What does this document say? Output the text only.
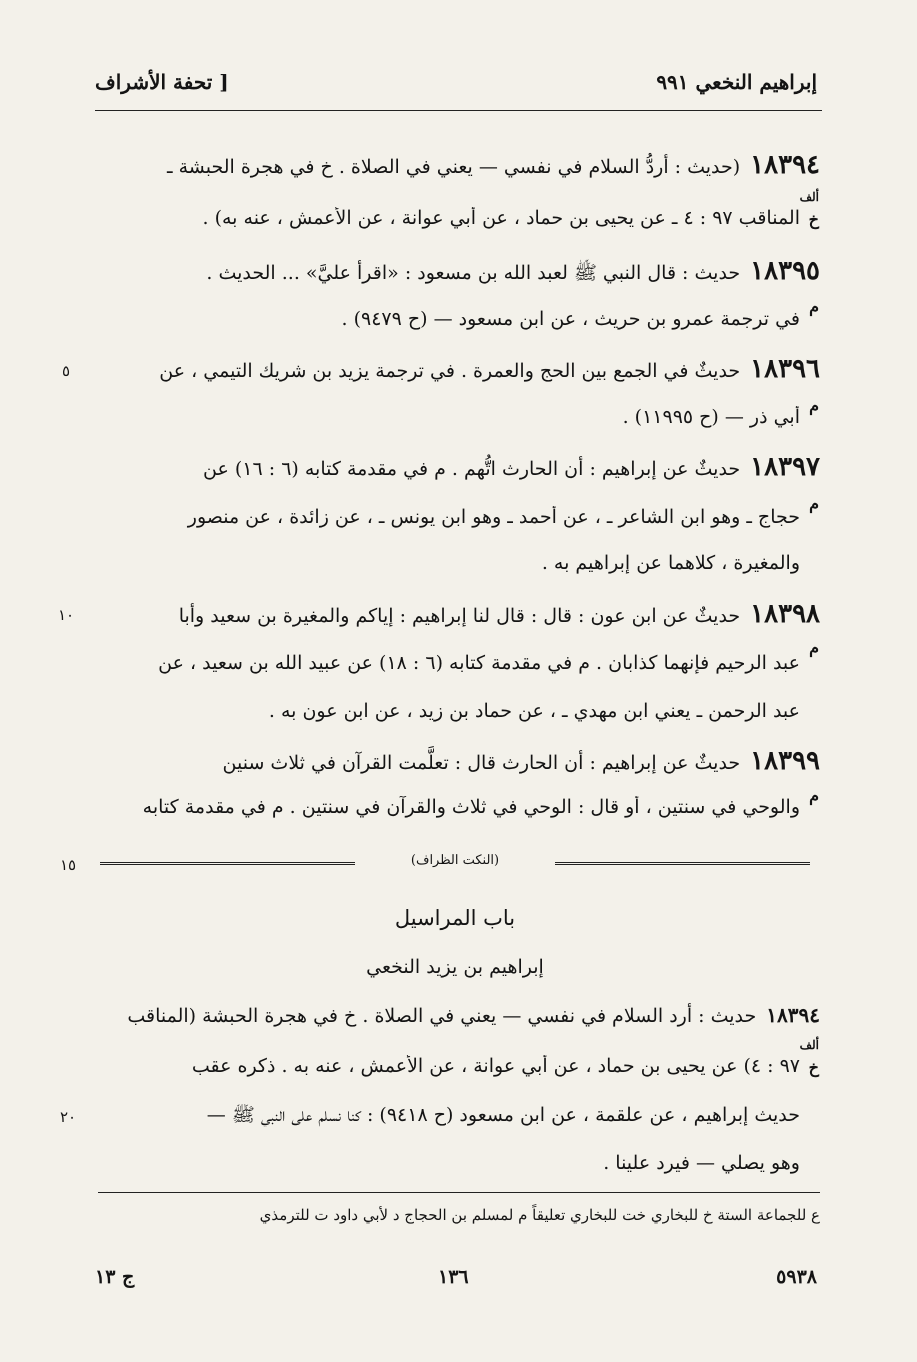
إبراهيم النخعي ٩٩١
[ تحفة الأشراف
١٨٣٩٤(حديث : أردُّ السلام في نفسي — يعني في الصلاة . خ في هجرة الحبشة ـ
ألف
خ
المناقب ٩٧ : ٤ ـ عن يحيى بن حماد ، عن أبي عوانة ، عن الأعمش ، عنه به) .
١٨٣٩٥حديث : قال النبي ﷺ لعبد الله بن مسعود : «اقرأ عليَّ» ... الحديث .
م
في ترجمة عمرو بن حريث ، عن ابن مسعود — (ح ٩٤٧٩) .
١٨٣٩٦حديثٌ في الجمع بين الحج والعمرة . في ترجمة يزيد بن شريك التيمي ، عن
٥
م
أبي ذر — (ح ١١٩٩٥) .
١٨٣٩٧حديثٌ عن إبراهيم : أن الحارث اتُّهم . م في مقدمة كتابه (٦ : ١٦) عن
م
حجاج ـ وهو ابن الشاعر ـ ، عن أحمد ـ وهو ابن يونس ـ ، عن زائدة ، عن منصور
والمغيرة ، كلاهما عن إبراهيم به .
١٨٣٩٨حديثٌ عن ابن عون : قال : قال لنا إبراهيم : إياكم والمغيرة بن سعيد وأبا
١٠
م
عبد الرحيم فإنهما كذابان . م في مقدمة كتابه (٦ : ١٨) عن عبيد الله بن سعيد ، عن
عبد الرحمن ـ يعني ابن مهدي ـ ، عن حماد بن زيد ، عن ابن عون به .
١٨٣٩٩حديثٌ عن إبراهيم : أن الحارث قال : تعلَّمت القرآن في ثلاث سنين
م
والوحي في سنتين ، أو قال : الوحي في ثلاث والقرآن في سنتين . م في مقدمة كتابه
(النكت الظراف)
١٥
باب المراسيل
إبراهيم بن يزيد النخعي
١٨٣٩٤حديث : أرد السلام في نفسي — يعني في الصلاة . خ في هجرة الحبشة (المناقب
ألف
خ
٩٧ : ٤) عن يحيى بن حماد ، عن أبي عوانة ، عن الأعمش ، عنه به . ذكره عقب
حديث إبراهيم ، عن علقمة ، عن ابن مسعود (ح ٩٤١٨) : كنا نسلم على النبي ﷺ —
٢٠
وهو يصلي — فيرد علينا .
ع للجماعة الستة خ للبخاري خت للبخاري تعليقاً م لمسلم بن الحجاج د لأبي داود ت للترمذي
٥٩٣٨
١٣٦
ج ١٣
